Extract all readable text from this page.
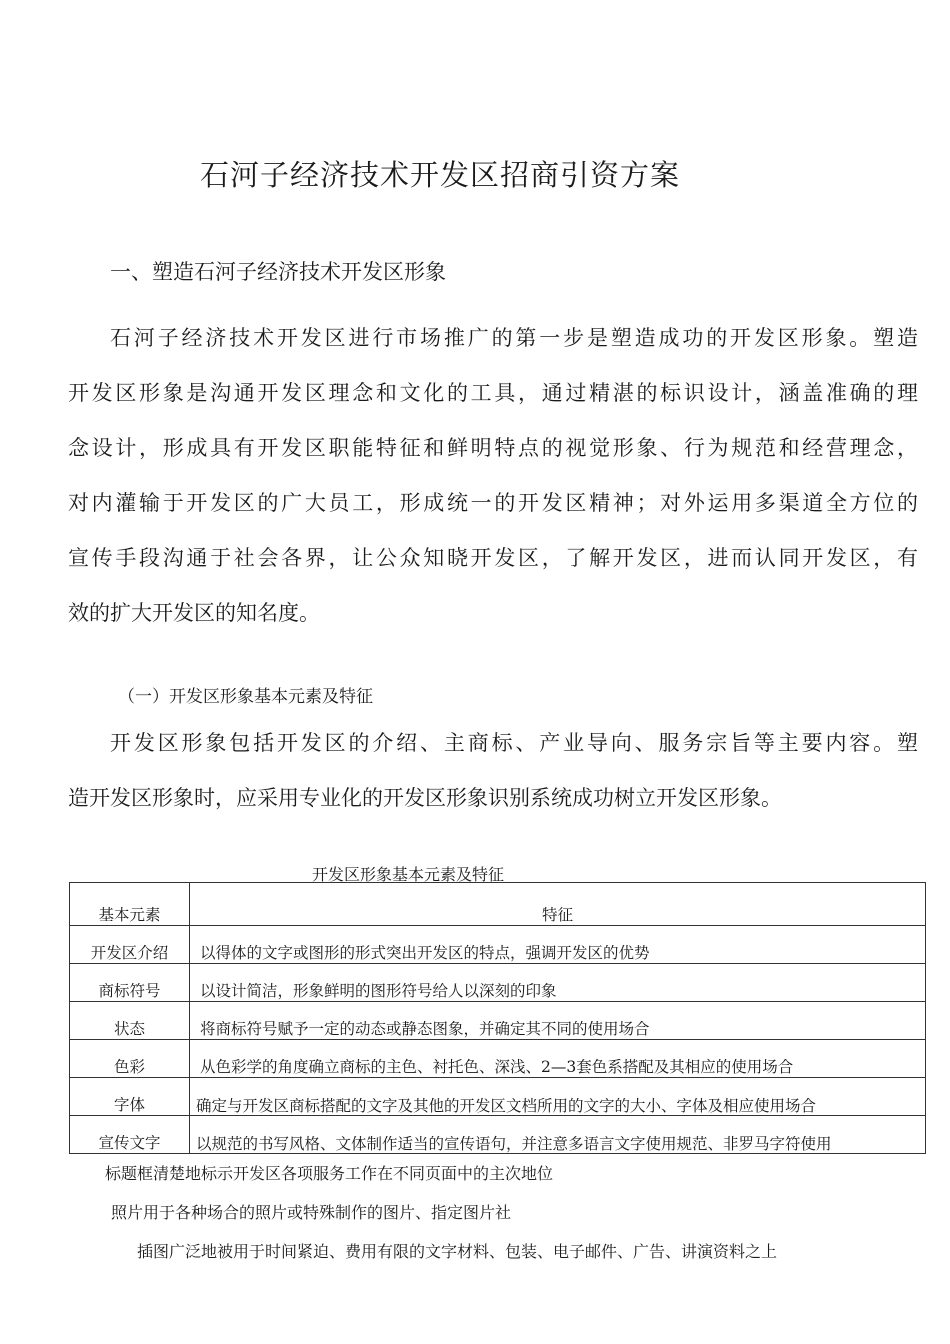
石河子经济技术开发区招商引资方案
一、塑造石河子经济技术开发区形象
石河子经济技术开发区进行市场推广的第一步是塑造成功的开发区形象。塑造
开发区形象是沟通开发区理念和文化的工具，通过精湛的标识设计，涵盖准确的理
念设计，形成具有开发区职能特征和鲜明特点的视觉形象、行为规范和经营理念，
对内灌输于开发区的广大员工，形成统一的开发区精神；对外运用多渠道全方位的
宣传手段沟通于社会各界，让公众知晓开发区，了解开发区，进而认同开发区，有
效的扩大开发区的知名度。
（一）开发区形象基本元素及特征
开发区形象包括开发区的介绍、主商标、产业导向、服务宗旨等主要内容。塑
造开发区形象时，应采用专业化的开发区形象识别系统成功树立开发区形象。
开发区形象基本元素及特征
基本元素	特征
开发区介绍	以得体的文字或图形的形式突出开发区的特点，强调开发区的优势
商标符号	以设计简洁，形象鲜明的图形符号给人以深刻的印象
状态	将商标符号赋予一定的动态或静态图象，并确定其不同的使用场合
色彩	从色彩学的角度确立商标的主色、衬托色、深浅、2—3套色系搭配及其相应的使用场合
字体	确定与开发区商标搭配的文字及其他的开发区文档所用的文字的大小、字体及相应使用场合
宣传文字	以规范的书写风格、文体制作适当的宣传语句，并注意多语言文字使用规范、非罗马字符使用
标题框清楚地标示开发区各项服务工作在不同页面中的主次地位
照片用于各种场合的照片或特殊制作的图片、指定图片社
插图广泛地被用于时间紧迫、费用有限的文字材料、包装、电子邮件、广告、讲演资料之上
